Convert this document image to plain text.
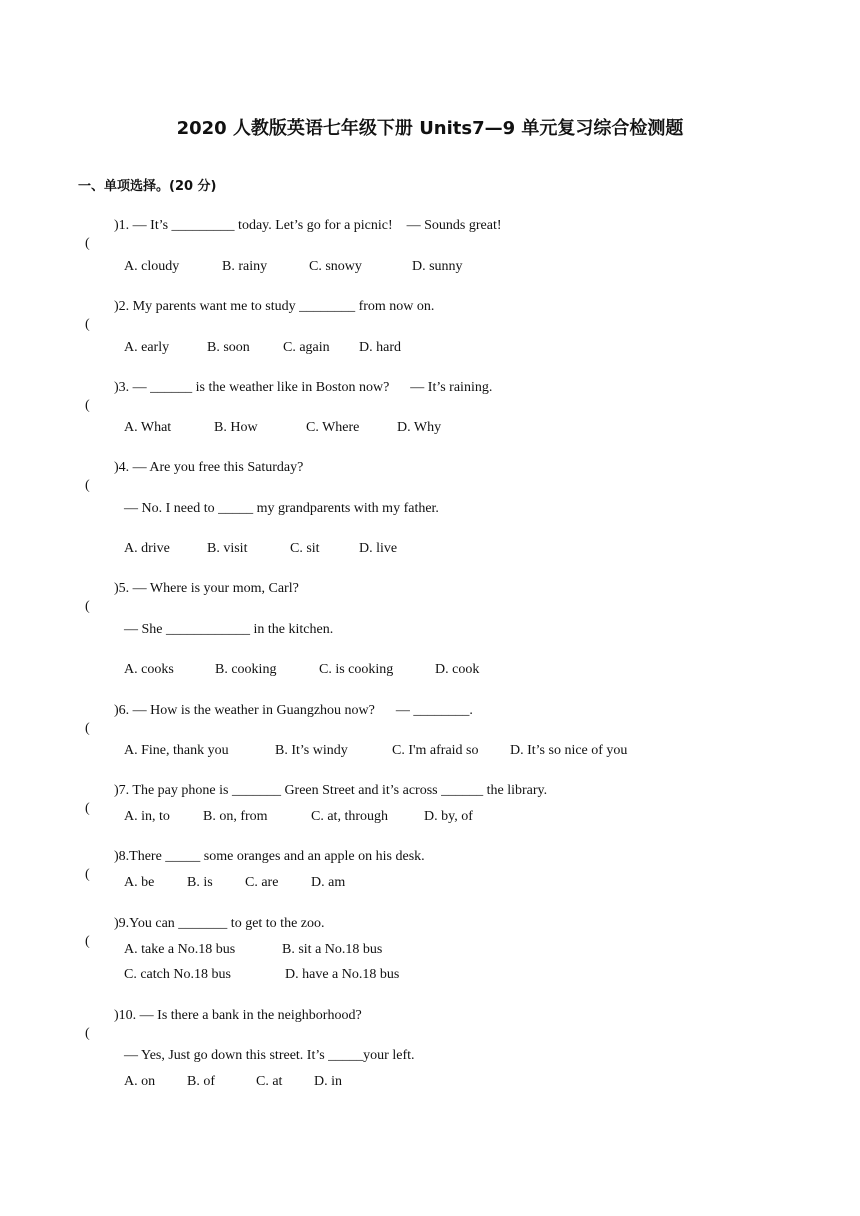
2020 人教版英语七年级下册 Units7—9 单元复习综合检测题
一、单项选择。(20 分)

(

)1. — It’s _________ today. Let’s go for a picnic!    — Sounds great!

A. cloudy

	B. rainy

	C. snowy

	D. sunny

(

)2. My parents want me to study ________ from now on.

A. early

	B. soon

C. again

D. hard

(

)3. — ______ is the weather like in Boston now?      — It’s raining.

A. What

	B. How

	C. Where

	D. Why

(

)4. — Are you free this Saturday?

— No. I need to _____ my grandparents with my father.

A. drive

	B. visit

	C. sit

	D. live

(

)5. — Where is your mom, Carl?

— She ____________ in the kitchen.

A. cooks

	B. cooking

	C. is cooking

	D. cook

(

)6. — How is the weather in Guangzhou now?      — ________.

A. Fine, thank you

	B. It’s windy

	C. I'm afraid so

D. It’s so nice of you

(

)7. The pay phone is _______ Green Street and it’s across ______ the library.

A. in, to

B. on, from

	C. at, through

	D. by, of

(

)8.There _____ some oranges and an apple on his desk.

A. be

B. is

C. are

D. am

(

)9.You can _______ to get to the zoo.

A. take a No.18 bus

	B. sit a No.18 bus

C. catch No.18 bus

	D. have a No.18 bus

(

)10. — Is there a bank in the neighborhood?

— Yes, Just go down this street. It’s _____your left.

A. on

B. of

	C. at

D. in
